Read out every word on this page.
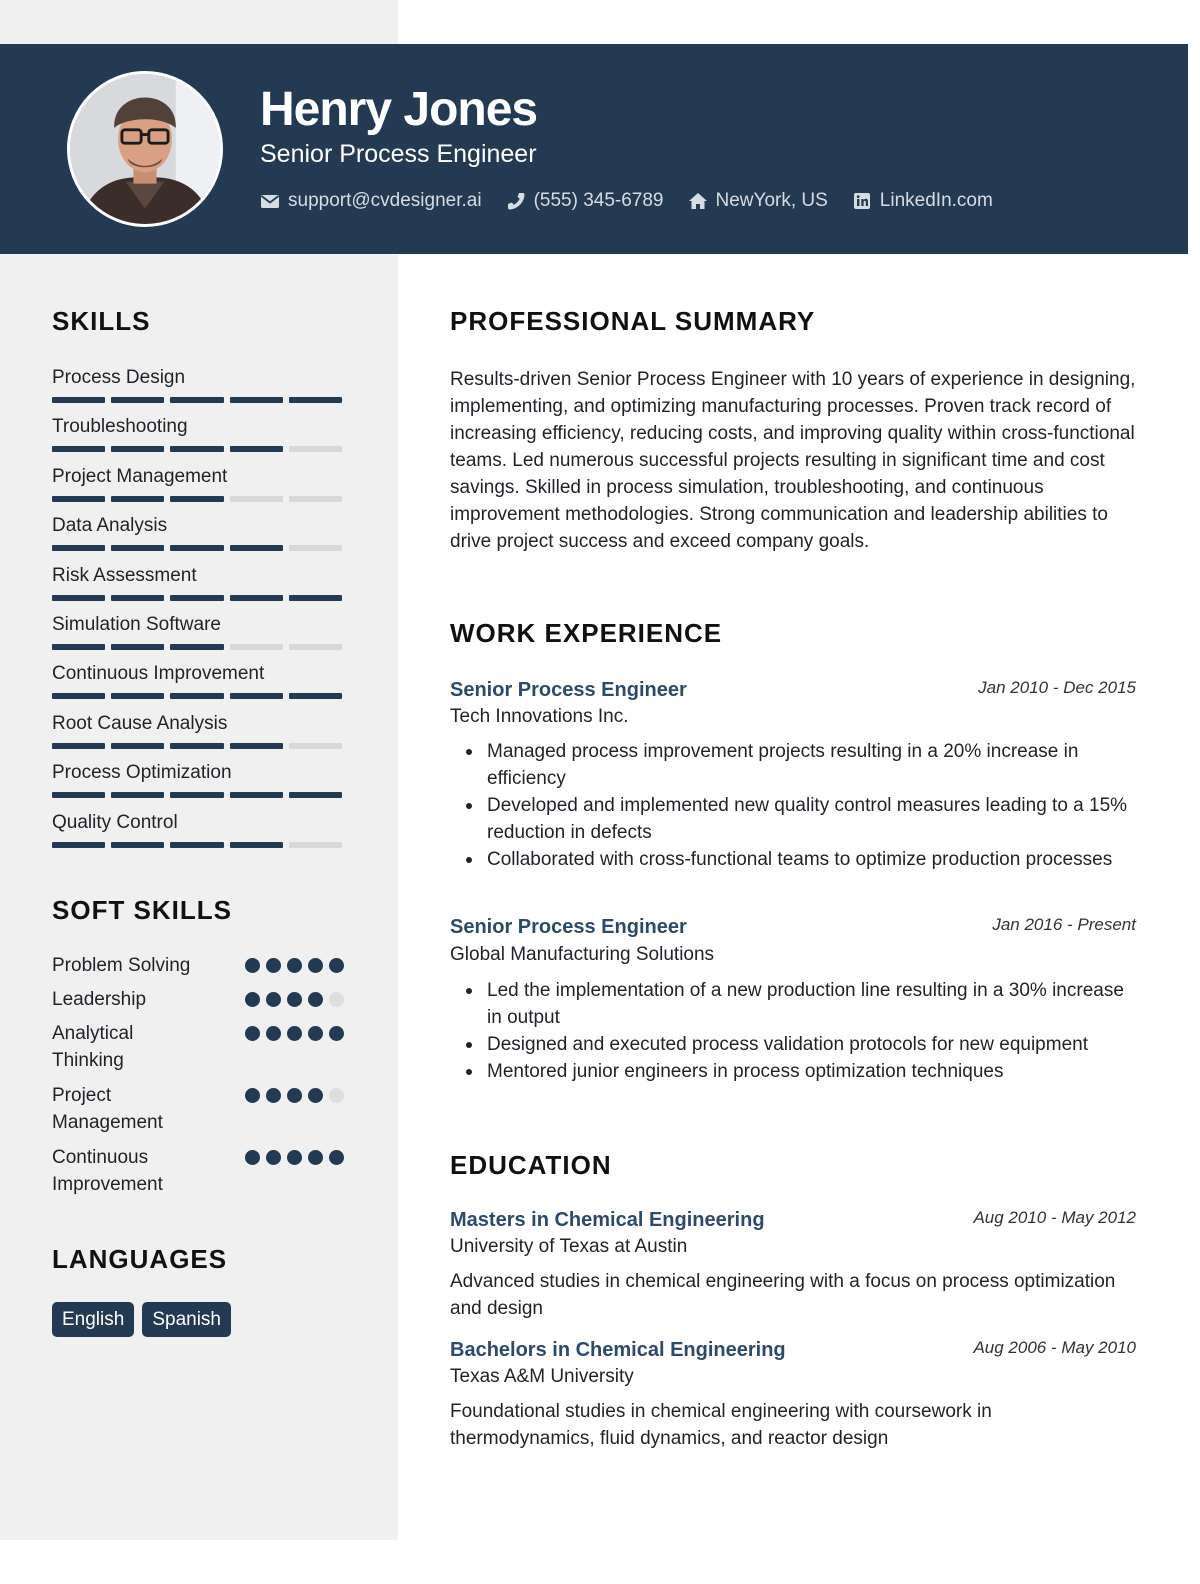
Henry Jones
Senior Process Engineer
support@cvdesigner.ai	(555) 345-6789	NewYork, US	LinkedIn.com
SKILLS
Process Design
Troubleshooting
Project Management
Data Analysis
Risk Assessment
Simulation Software
Continuous Improvement
Root Cause Analysis
Process Optimization
Quality Control
SOFT SKILLS
Problem Solving
Leadership
Analytical Thinking
Project Management
Continuous Improvement
LANGUAGES
English	Spanish
PROFESSIONAL SUMMARY
Results-driven Senior Process Engineer with 10 years of experience in designing, implementing, and optimizing manufacturing processes. Proven track record of increasing efficiency, reducing costs, and improving quality within cross-functional teams. Led numerous successful projects resulting in significant time and cost savings. Skilled in process simulation, troubleshooting, and continuous improvement methodologies. Strong communication and leadership abilities to drive project success and exceed company goals.
WORK EXPERIENCE
Senior Process Engineer	Jan 2010 - Dec 2015
Tech Innovations Inc.
Managed process improvement projects resulting in a 20% increase in efficiency
Developed and implemented new quality control measures leading to a 15% reduction in defects
Collaborated with cross-functional teams to optimize production processes
Senior Process Engineer	Jan 2016 - Present
Global Manufacturing Solutions
Led the implementation of a new production line resulting in a 30% increase in output
Designed and executed process validation protocols for new equipment
Mentored junior engineers in process optimization techniques
EDUCATION
Masters in Chemical Engineering	Aug 2010 - May 2012
University of Texas at Austin
Advanced studies in chemical engineering with a focus on process optimization and design
Bachelors in Chemical Engineering	Aug 2006 - May 2010
Texas A&M University
Foundational studies in chemical engineering with coursework in thermodynamics, fluid dynamics, and reactor design
